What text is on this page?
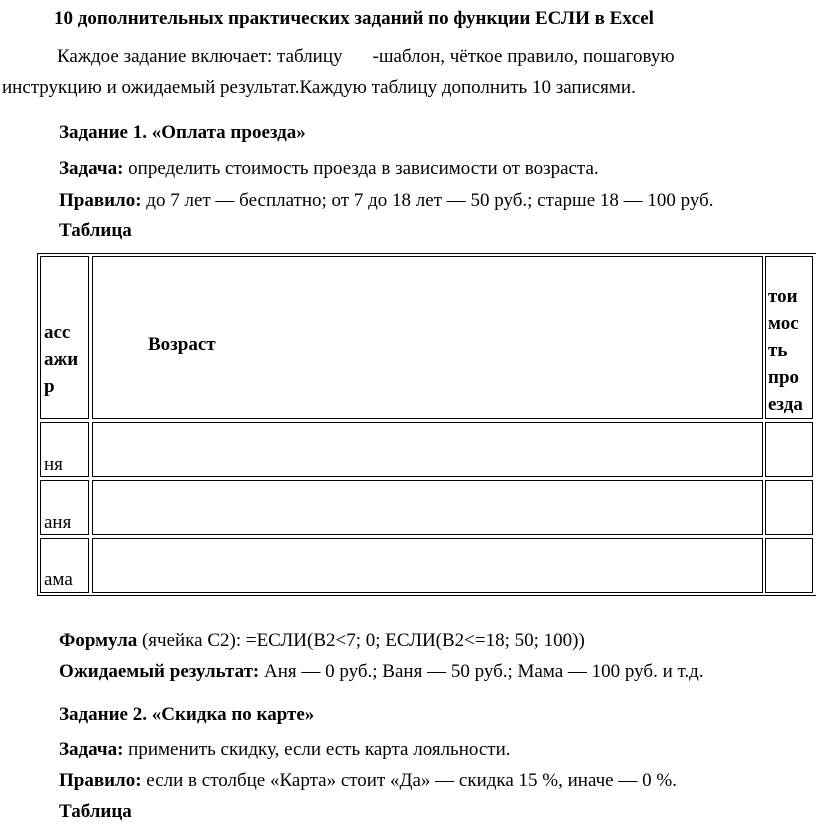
10 дополнительных практических заданий по функции ЕСЛИ в Excel
Каждое задание включает: таблицу -шаблон, чёткое правило, пошаговую
инструкцию и ожидаемый результат.Каждую таблицу дополнить 10 записями.
Задание 1. «Оплата проезда»
Задача: определить стоимость проезда в зависимости от возраста.
Правило: до 7 лет — бесплатно; от 7 до 18 лет — 50 руб.; старше 18 — 100 руб.
Таблица
асс
ажи
р
Возраст
тои
мос
ть
про
езда
ня
аня
ама
Формула (ячейка C2): =ЕСЛИ(B2<7; 0; ЕСЛИ(B2<=18; 50; 100))
Ожидаемый результат: Аня — 0 руб.; Ваня — 50 руб.; Мама — 100 руб. и т.д.
Задание 2. «Скидка по карте»
Задача: применить скидку, если есть карта лояльности.
Правило: если в столбце «Карта» стоит «Да» — скидка 15 %, иначе — 0 %.
Таблица
